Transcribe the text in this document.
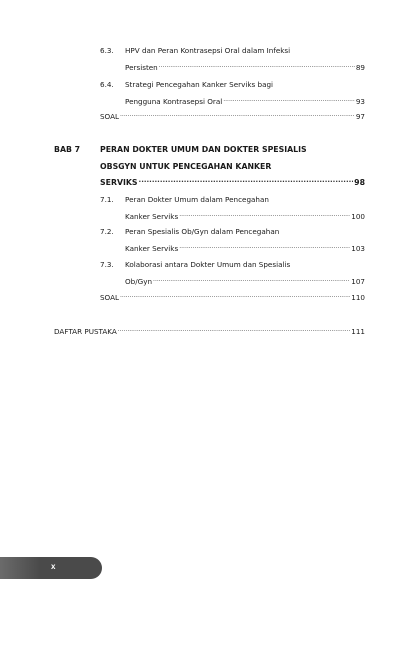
6.3.	HPV dan Peran Kontrasepsi Oral dalam Infeksi
Persisten .....	89
6.4.	Strategi Pencegahan Kanker Serviks bagi
Pengguna Kontrasepsi Oral .....	93
SOAL .....	97
BAB 7	PERAN DOKTER UMUM DAN DOKTER SPESIALIS
OBSGYN UNTUK PENCEGAHAN KANKER
SERVIKS .....	98
7.1.	Peran Dokter Umum dalam Pencegahan
Kanker Serviks .....	100
7.2.	Peran Spesialis Ob/Gyn dalam Pencegahan
Kanker Serviks .....	103
7.3.	Kolaborasi antara Dokter Umum dan Spesialis
Ob/Gyn .....	107
SOAL .....	110
DAFTAR PUSTAKA .....	111
x
